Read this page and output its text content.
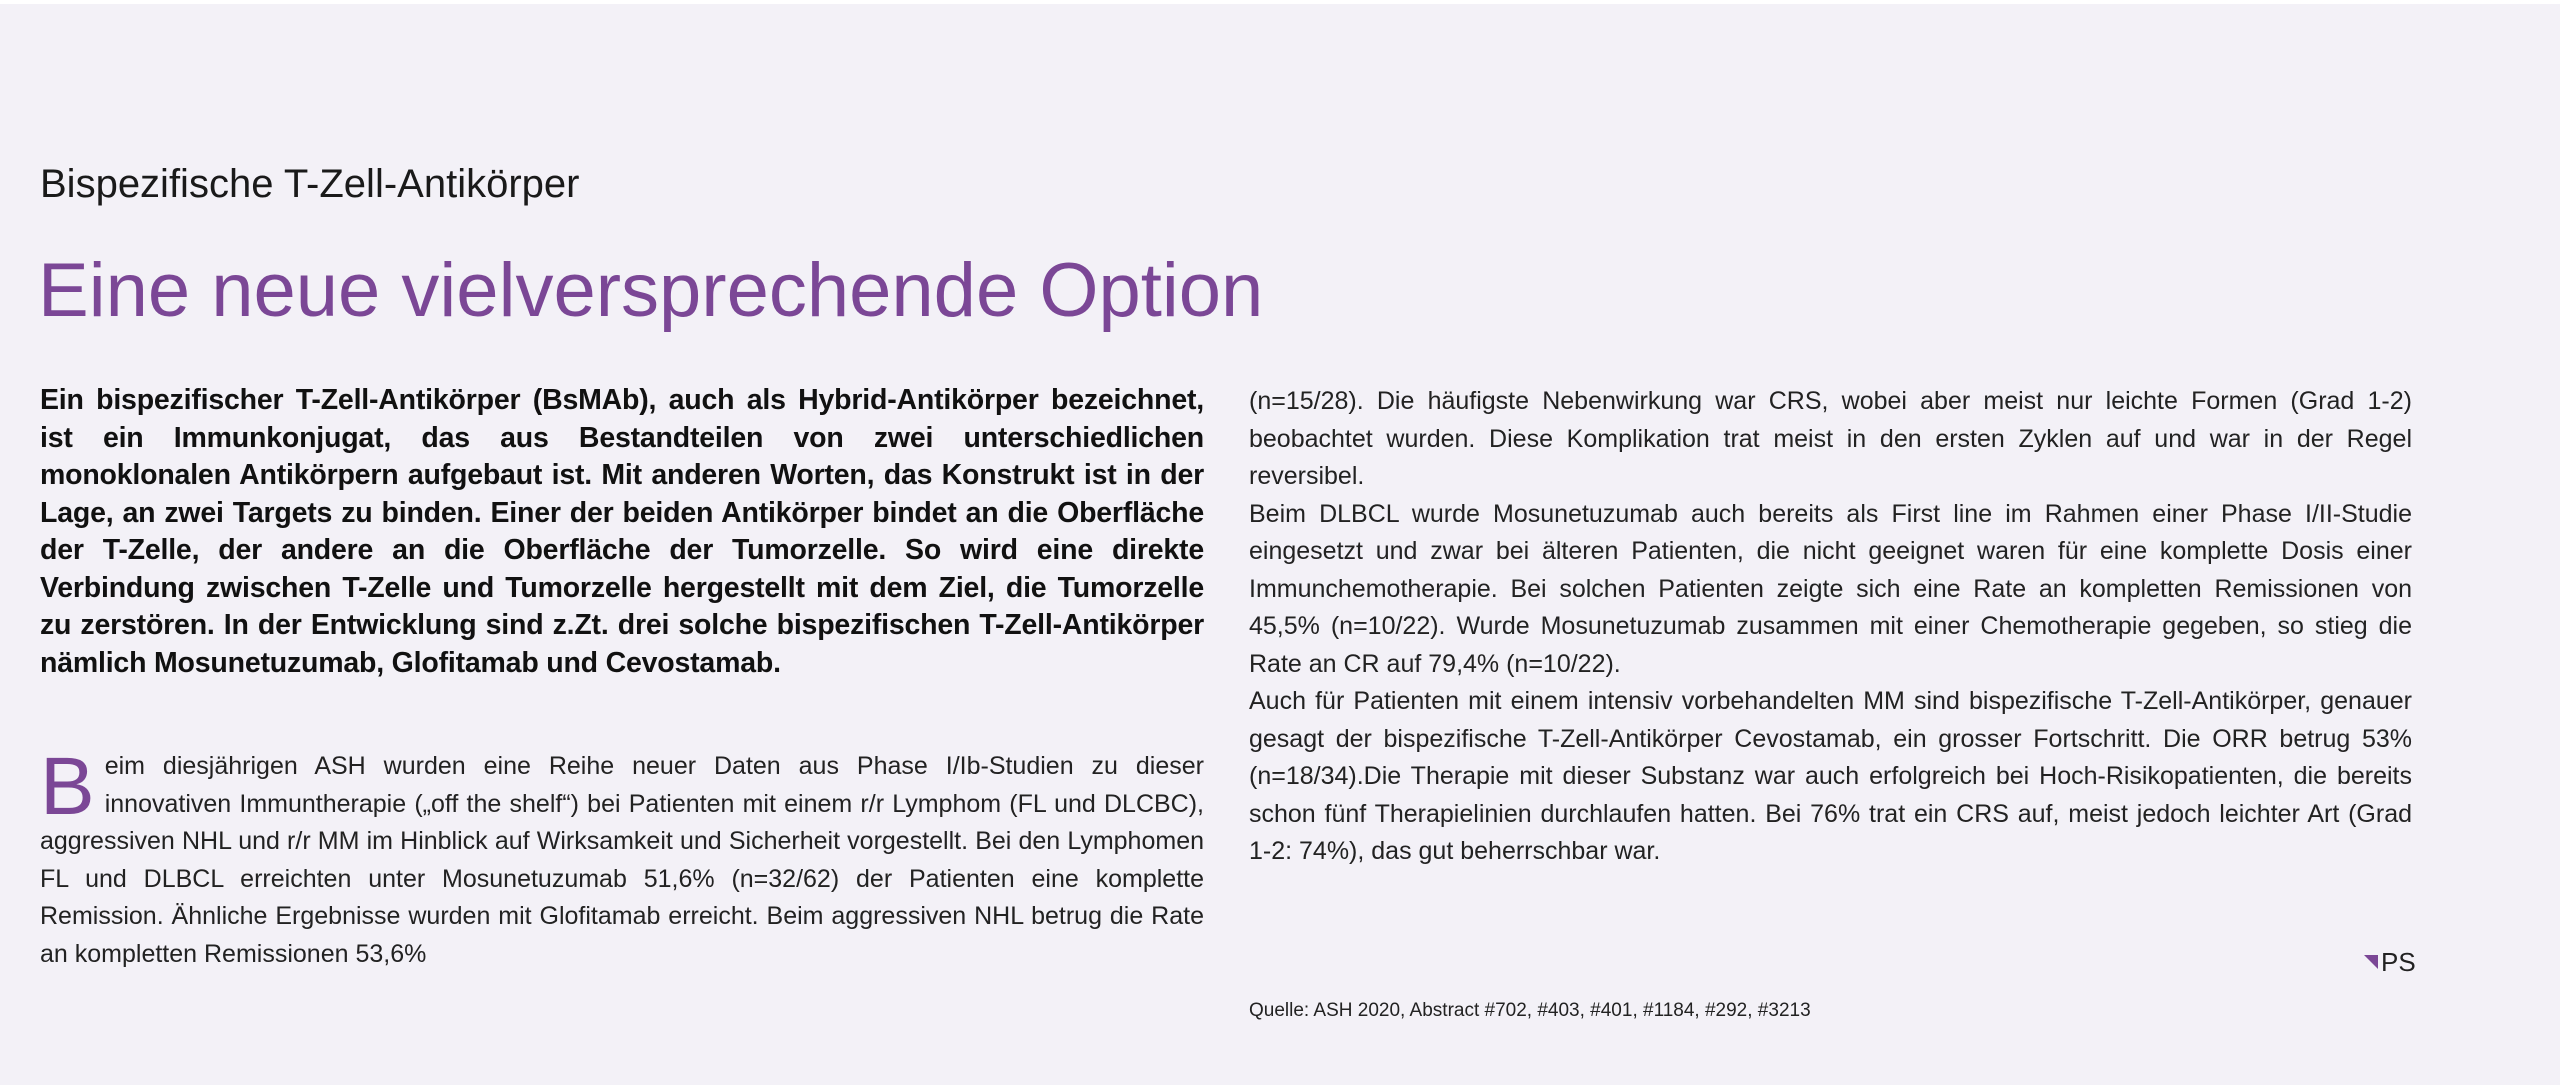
Bispezifische T-Zell-Antikörper
Eine neue vielversprechende Option
Ein bispezifischer T-Zell-Antikörper (BsMAb), auch als Hybrid-Antikörper bezeichnet, ist ein Immunkonjugat, das aus Bestandteilen von zwei unterschiedlichen monoklonalen Antikörpern aufgebaut ist. Mit anderen Worten, das Konstrukt ist in der Lage, an zwei Targets zu binden. Einer der beiden Antikörper bindet an die Oberfläche der T-Zelle, der andere an die Oberfläche der Tumorzelle. So wird eine direkte Verbindung zwischen T-Zelle und Tumorzelle hergestellt mit dem Ziel, die Tumorzelle zu zerstören. In der Entwicklung sind z.Zt. drei solche bispezifischen T-Zell-Antikörper nämlich Mosunetuzumab, Glofitamab und Cevostamab.
Beim diesjährigen ASH wurden eine Reihe neuer Daten aus Phase I/Ib-Studien zu dieser innovativen Immuntherapie („off the shelf“) bei Patienten mit einem r/r Lymphom (FL und DLCBC), aggressiven NHL und r/r MM im Hinblick auf Wirksamkeit und Sicherheit vorgestellt. Bei den Lymphomen FL und DLBCL erreichten unter Mosunetuzumab 51,6% (n=32/62) der Patienten eine komplette Remission. Ähnliche Ergebnisse wurden mit Glofitamab erreicht. Beim aggressiven NHL betrug die Rate an kompletten Remissionen 53,6%

(n=15/28). Die häufigste Nebenwirkung war CRS, wobei aber meist nur leichte Formen (Grad 1-2) beobachtet wurden. Diese Komplikation trat meist in den ersten Zyklen auf und war in der Regel reversibel.

Beim DLBCL wurde Mosunetuzumab auch bereits als First line im Rahmen einer Phase I/II-Studie eingesetzt und zwar bei älteren Patienten, die nicht geeignet waren für eine komplette Dosis einer Immunchemotherapie. Bei solchen Patienten zeigte sich eine Rate an kompletten Remissionen von 45,5% (n=10/22). Wurde Mosunetuzumab zusammen mit einer Chemotherapie gegeben, so stieg die Rate an CR auf 79,4% (n=10/22).

Auch für Patienten mit einem intensiv vorbehandelten MM sind bispezifische T-Zell-Antikörper, genauer gesagt der bispezifische T-Zell-Antikörper Cevostamab, ein grosser Fortschritt. Die ORR betrug 53% (n=18/34).Die Therapie mit dieser Substanz war auch erfolgreich bei Hoch-Risikopatienten, die bereits schon fünf Therapielinien durchlaufen hatten. Bei 76% trat ein CRS auf, meist jedoch leichter Art (Grad 1-2: 74%), das gut beherrschbar war.

PS
Quelle: ASH 2020, Abstract #702, #403, #401, #1184, #292, #3213
